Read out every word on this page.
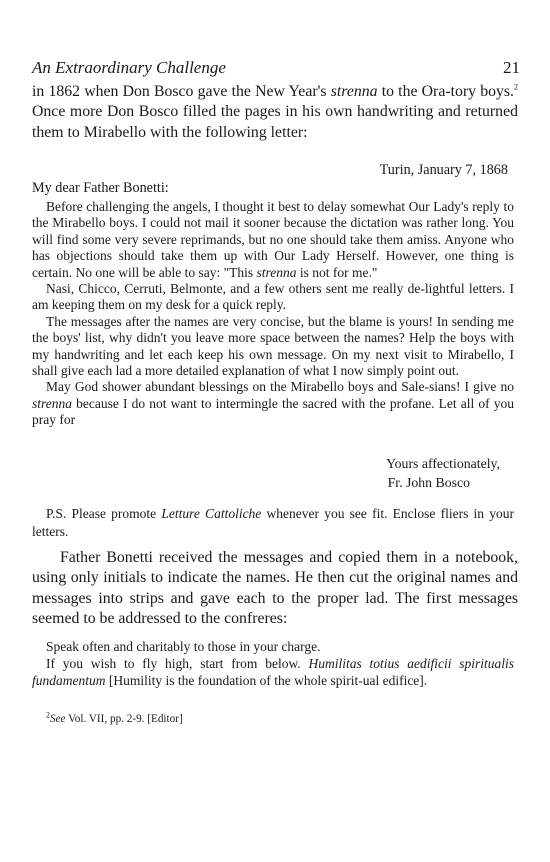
An Extraordinary Challenge	21

in 1862 when Don Bosco gave the New Year's strenna to the Ora-tory boys.$^2$ Once more Don Bosco filled the pages in his own handwriting and returned them to Mirabello with the following letter:

Turin, January 7, 1868
My dear Father Bonetti:

Before challenging the angels, I thought it best to delay somewhat Our Lady's reply to the Mirabello boys. I could not mail it sooner because the dictation was rather long. You will find some very severe reprimands, but no one should take them amiss. Anyone who has objections should take them up with Our Lady Herself. However, one thing is certain. No one will be able to say: "This strenna is not for me."

Nasi, Chicco, Cerruti, Belmonte, and a few others sent me really de-lightful letters. I am keeping them on my desk for a quick reply.

The messages after the names are very concise, but the blame is yours! In sending me the boys' list, why didn't you leave more space between the names? Help the boys with my handwriting and let each keep his own message. On my next visit to Mirabello, I shall give each lad a more detailed explanation of what I now simply point out.

May God shower abundant blessings on the Mirabello boys and Sale-sians! I give no strenna because I do not want to intermingle the sacred with the profane. Let all of you pray for

Yours affectionately,
Fr. John Bosco

P.S. Please promote Letture Cattoliche whenever you see fit. Enclose fliers in your letters.

Father Bonetti received the messages and copied them in a notebook, using only initials to indicate the names. He then cut the original names and messages into strips and gave each to the proper lad. The first messages seemed to be addressed to the confreres:

Speak often and charitably to those in your charge.

If you wish to fly high, start from below. Humilitas totius aedificii spiritualis fundamentum [Humility is the foundation of the whole spirit-ual edifice].

$^2$See Vol. VII, pp. 2-9. [Editor]
